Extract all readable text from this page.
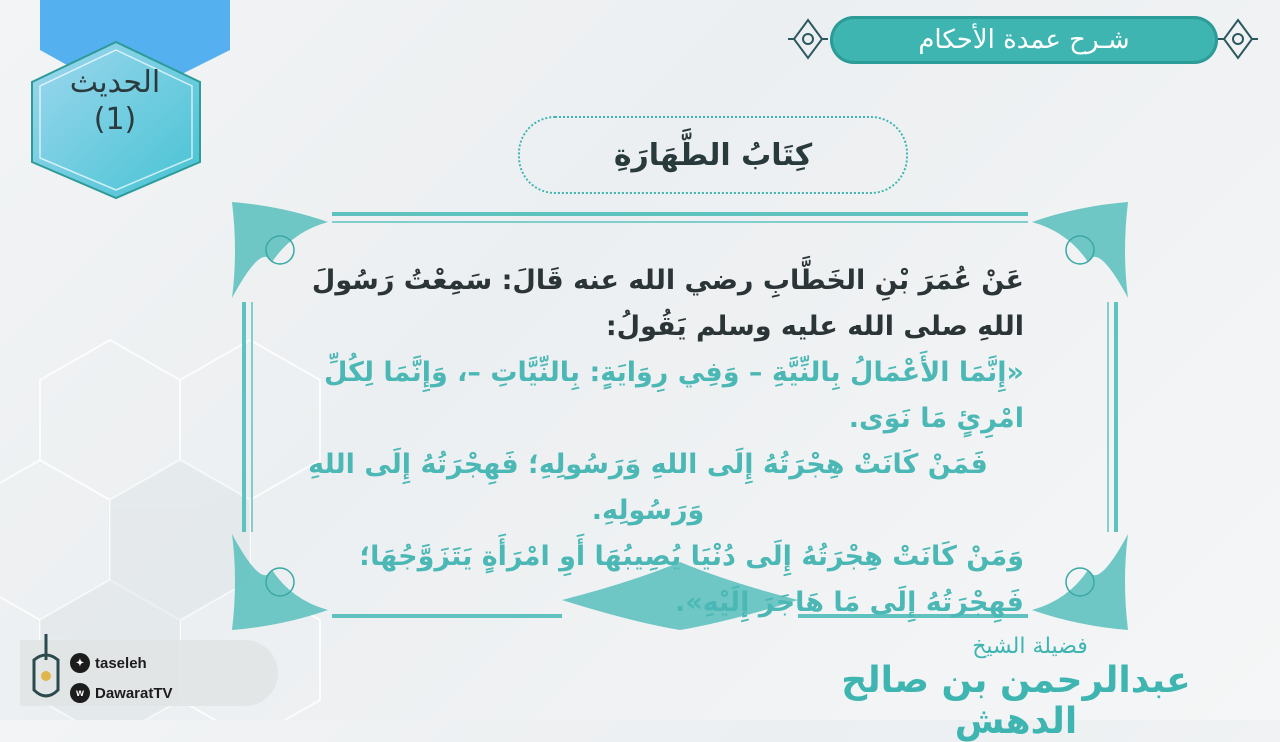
الحديث
(1)
شـرح عمدة الأحكام
كِتَابُ الطَّهَارَةِ
عَنْ عُمَرَ بْنِ الخَطَّابِ رضي الله عنه قَالَ: سَمِعْتُ رَسُولَ اللهِ صلى الله عليه وسلم يَقُولُ:
«إِنَّمَا الأَعْمَالُ بِالنِّيَّةِ – وَفِي رِوَايَةٍ: بِالنِّيَّاتِ –، وَإِنَّمَا لِكُلِّ امْرِئٍ مَا نَوَى.
فَمَنْ كَانَتْ هِجْرَتُهُ إِلَى اللهِ وَرَسُولِهِ؛ فَهِجْرَتُهُ إِلَى اللهِ وَرَسُولِهِ.
وَمَنْ كَانَتْ هِجْرَتُهُ إِلَى دُنْيَا يُصِيبُهَا أَوِ امْرَأَةٍ يَتَزَوَّجُهَا؛ فَهِجْرَتُهُ إِلَى مَا هَاجَرَ إِلَيْهِ».‏
فضيلة الشيخ
عبدالرحمن بن صالح الدهش
✦ taseleh
w DawaratTV
